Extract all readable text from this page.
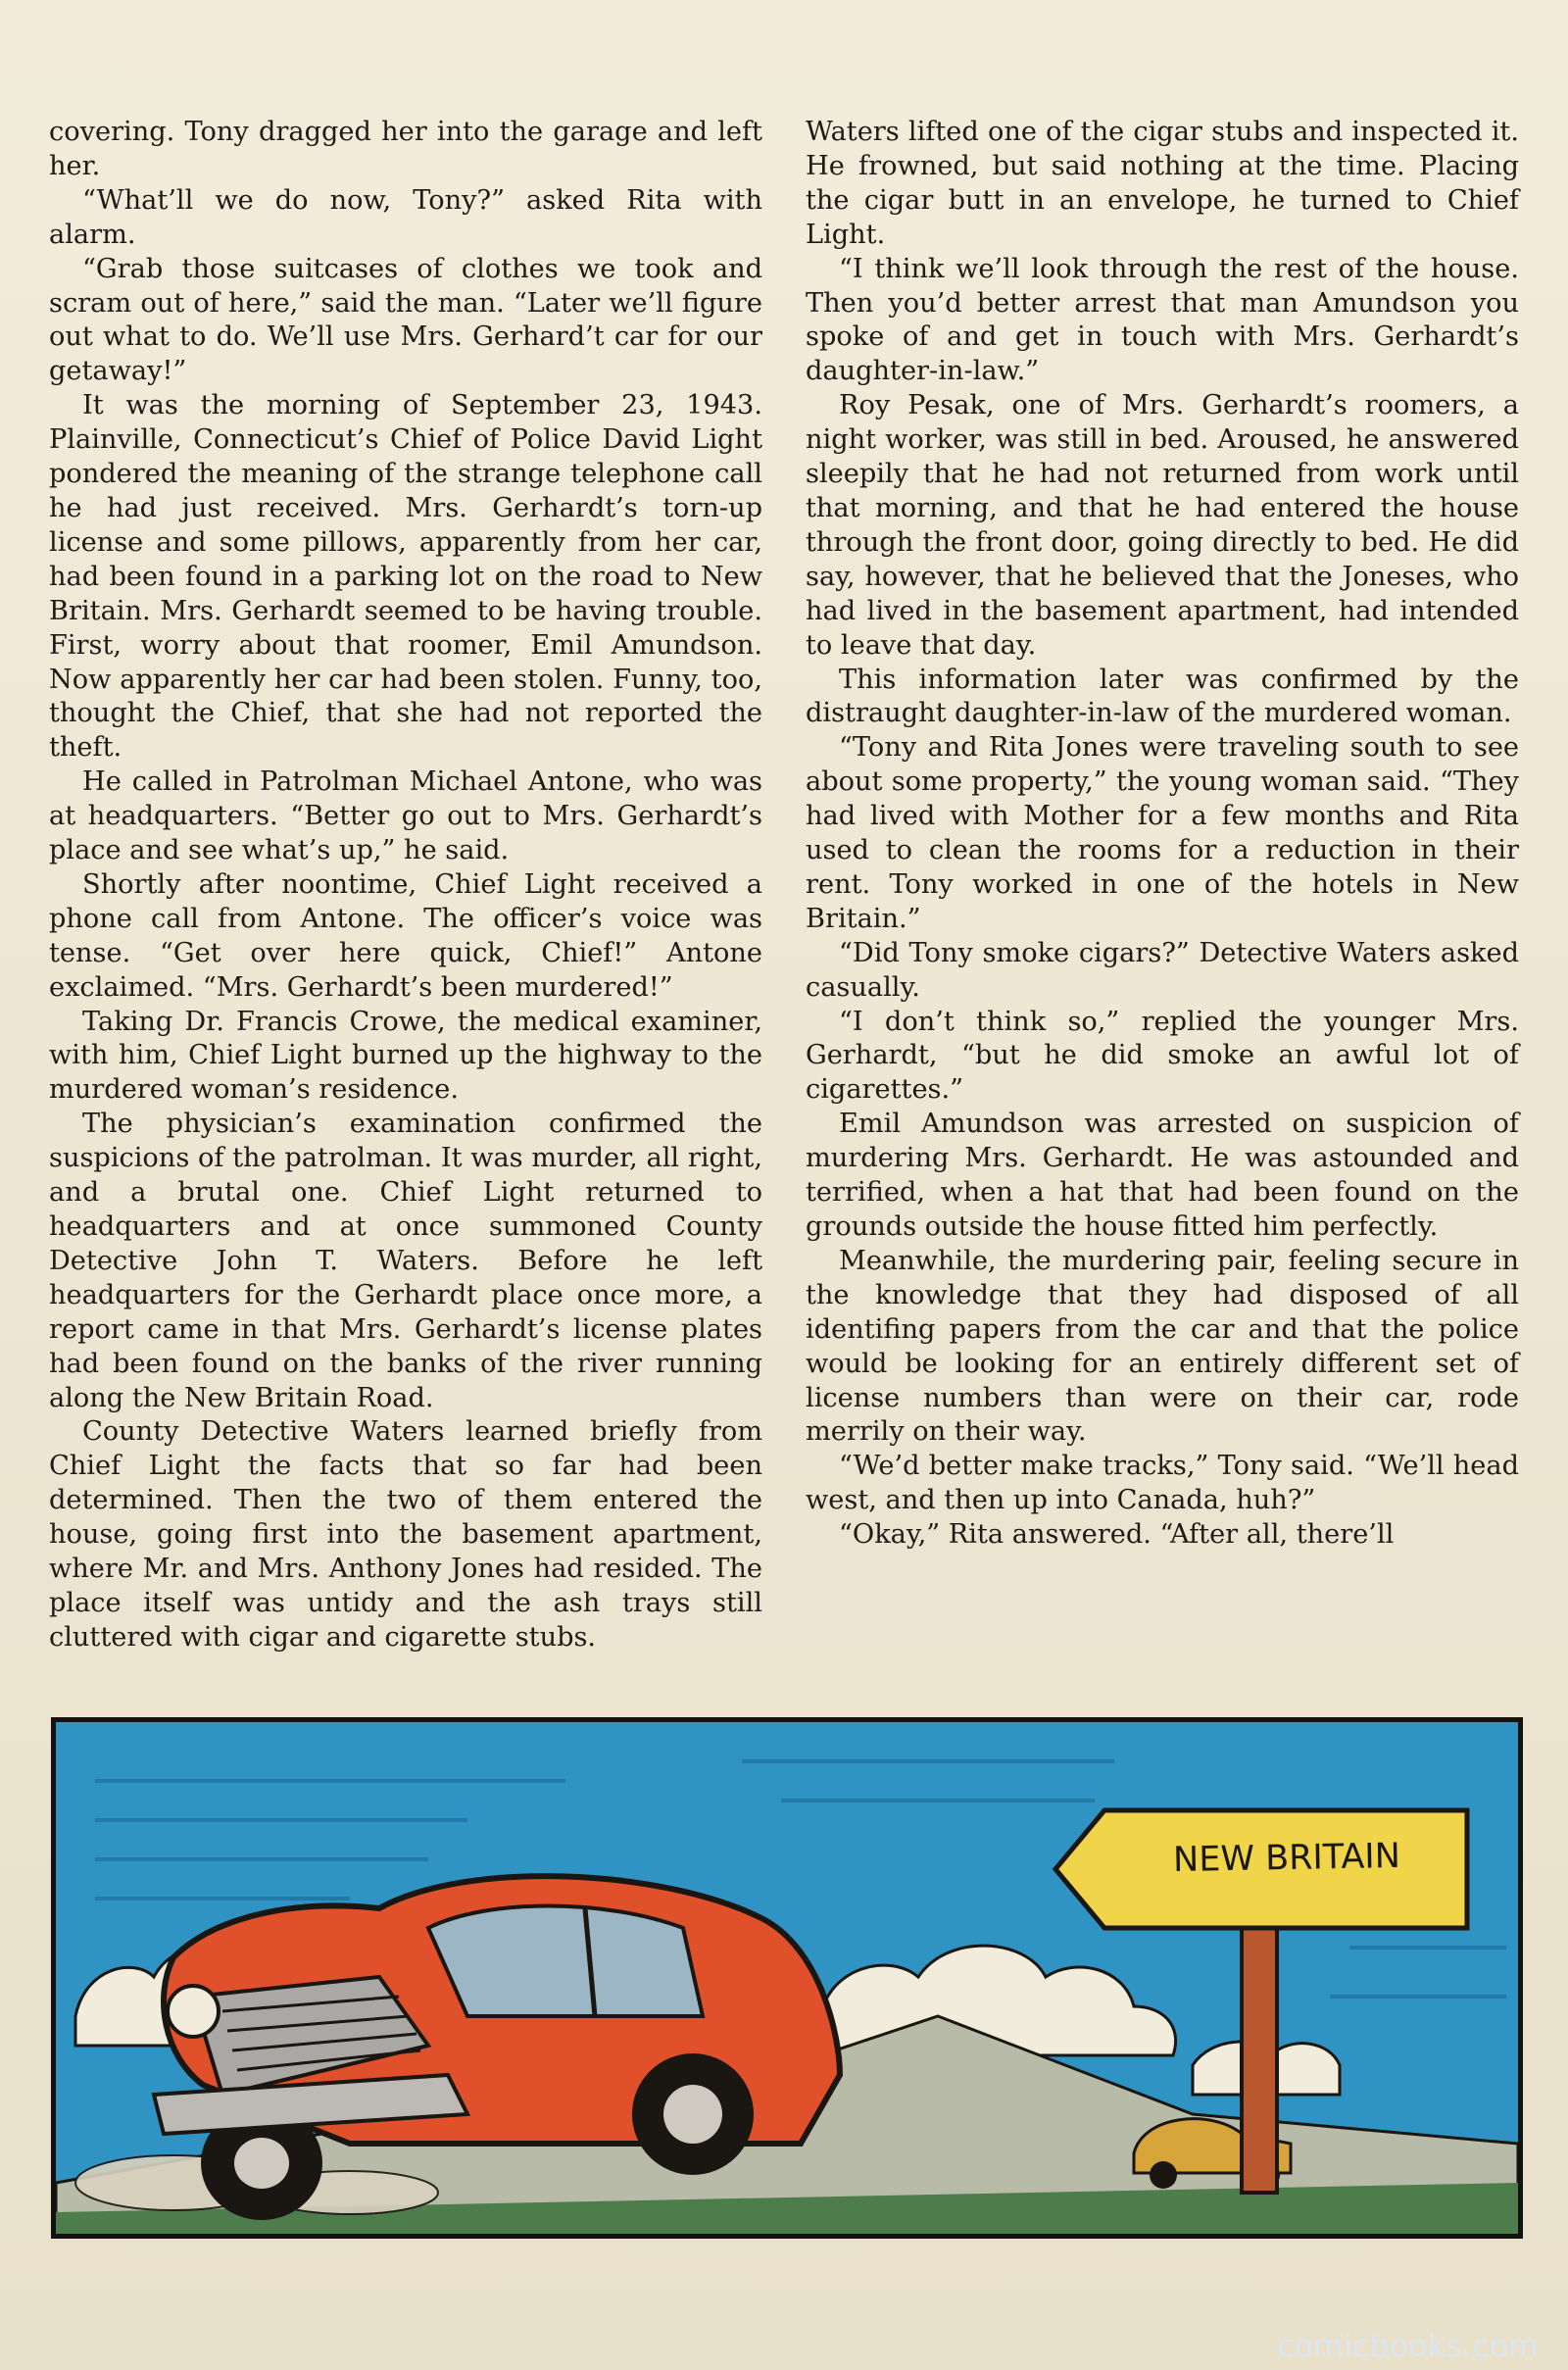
covering. Tony dragged her into the garage and left her.

“What’ll we do now, Tony?” asked Rita with alarm.

“Grab those suitcases of clothes we took and scram out of here,” said the man. “Later we’ll figure out what to do. We’ll use Mrs. Gerhard’t car for our getaway!”

It was the morning of September 23, 1943. Plainville, Connecticut’s Chief of Police David Light pondered the meaning of the strange telephone call he had just received. Mrs. Gerhardt’s torn-up license and some pillows, apparently from her car, had been found in a parking lot on the road to New Britain. Mrs. Gerhardt seemed to be having trouble. First, worry about that roomer, Emil Amundson. Now apparently her car had been stolen. Funny, too, thought the Chief, that she had not reported the theft.

He called in Patrolman Michael Antone, who was at headquarters. “Better go out to Mrs. Gerhardt’s place and see what’s up,” he said.

Shortly after noontime, Chief Light received a phone call from Antone. The officer’s voice was tense. “Get over here quick, Chief!” Antone exclaimed. “Mrs. Gerhardt’s been murdered!”

Taking Dr. Francis Crowe, the medical examiner, with him, Chief Light burned up the highway to the murdered woman’s residence.

The physician’s examination confirmed the suspicions of the patrolman. It was murder, all right, and a brutal one. Chief Light returned to headquarters and at once summoned County Detective John T. Waters. Before he left headquarters for the Gerhardt place once more, a report came in that Mrs. Gerhardt’s license plates had been found on the banks of the river running along the New Britain Road.

County Detective Waters learned briefly from Chief Light the facts that so far had been determined. Then the two of them entered the house, going first into the basement apartment, where Mr. and Mrs. Anthony Jones had resided. The place itself was untidy and the ash trays still cluttered with cigar and cigarette stubs.

Waters lifted one of the cigar stubs and inspected it. He frowned, but said nothing at the time. Placing the cigar butt in an envelope, he turned to Chief Light.

“I think we’ll look through the rest of the house. Then you’d better arrest that man Amundson you spoke of and get in touch with Mrs. Gerhardt’s daughter-in-law.”

Roy Pesak, one of Mrs. Gerhardt’s roomers, a night worker, was still in bed. Aroused, he answered sleepily that he had not returned from work until that morning, and that he had entered the house through the front door, going directly to bed. He did say, however, that he believed that the Joneses, who had lived in the basement apartment, had intended to leave that day.

This information later was confirmed by the distraught daughter-in-law of the murdered woman.

“Tony and Rita Jones were traveling south to see about some property,” the young woman said. “They had lived with Mother for a few months and Rita used to clean the rooms for a reduction in their rent. Tony worked in one of the hotels in New Britain.”

“Did Tony smoke cigars?” Detective Waters asked casually.

“I don’t think so,” replied the younger Mrs. Gerhardt, “but he did smoke an awful lot of cigarettes.”

Emil Amundson was arrested on suspicion of murdering Mrs. Gerhardt. He was astounded and terrified, when a hat that had been found on the grounds outside the house fitted him perfectly.

Meanwhile, the murdering pair, feeling secure in the knowledge that they had disposed of all identifing papers from the car and that the police would be looking for an entirely different set of license numbers than were on their car, rode merrily on their way.

“We’d better make tracks,” Tony said. “We’ll head west, and then up into Canada, huh?”

“Okay,” Rita answered. “After all, there’ll

NEW BRITAIN
comicbooks.com
